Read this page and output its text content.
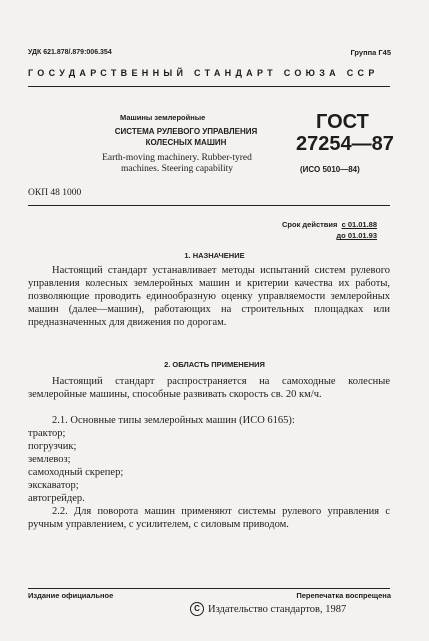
УДК 621.878/.879:006.354	Группа Г45
ГОСУДАРСТВЕННЫЙ СТАНДАРТ СОЮЗА ССР
Машины землеройные
СИСТЕМА РУЛЕВОГО УПРАВЛЕНИЯ
КОЛЕСНЫХ МАШИН
Earth-moving machinery. Rubber-tyred
machines. Steering capability
ГОСТ
27254—87
(ИСО 5010—84)
ОКП 48 1000
Срок действия с 01.01.88
до 01.01.93
1. НАЗНАЧЕНИЕ

Настоящий стандарт устанавливает методы испытаний систем рулевого управления колесных землеройных машин и критерии качества их работы, позволяющие проводить единообразную оценку управляемости землеройных машин (далее—машин), работающих на строительных площадках или предназначенных для движения по дорогам.

2. ОБЛАСТЬ ПРИМЕНЕНИЯ

Настоящий стандарт распространяется на самоходные колесные землеройные машины, способные развивать скорость св. 20 км/ч.

2.1. Основные типы землеройных машин (ИСО 6165):
трактор;
погрузчик;
землевоз;
самоходный скрепер;
экскаватор;
автогрейдер.

2.2. Для поворота машин применяют системы рулевого управления с ручным управлением, с усилителем, с силовым приводом.

Издание официальное	Перепечатка воспрещена
C Издательство стандартов, 1987
